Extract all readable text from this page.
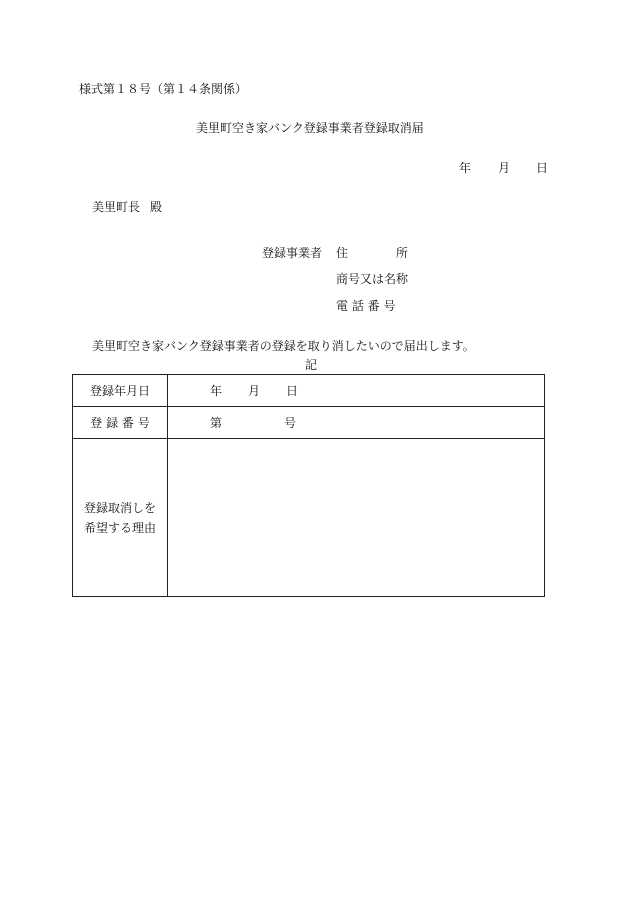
様式第１８号（第１４条関係）
美里町空き家バンク登録事業者登録取消届
年 月 日
美里町長 殿
登録事業者 住　　　　所
商号又は名称
電 話 番 号
美里町空き家バンク登録事業者の登録を取り消したいので届出します。
記
登録年月日	年 月 日
登 録 番 号	第 号

登録取消しを
希望する理由	
